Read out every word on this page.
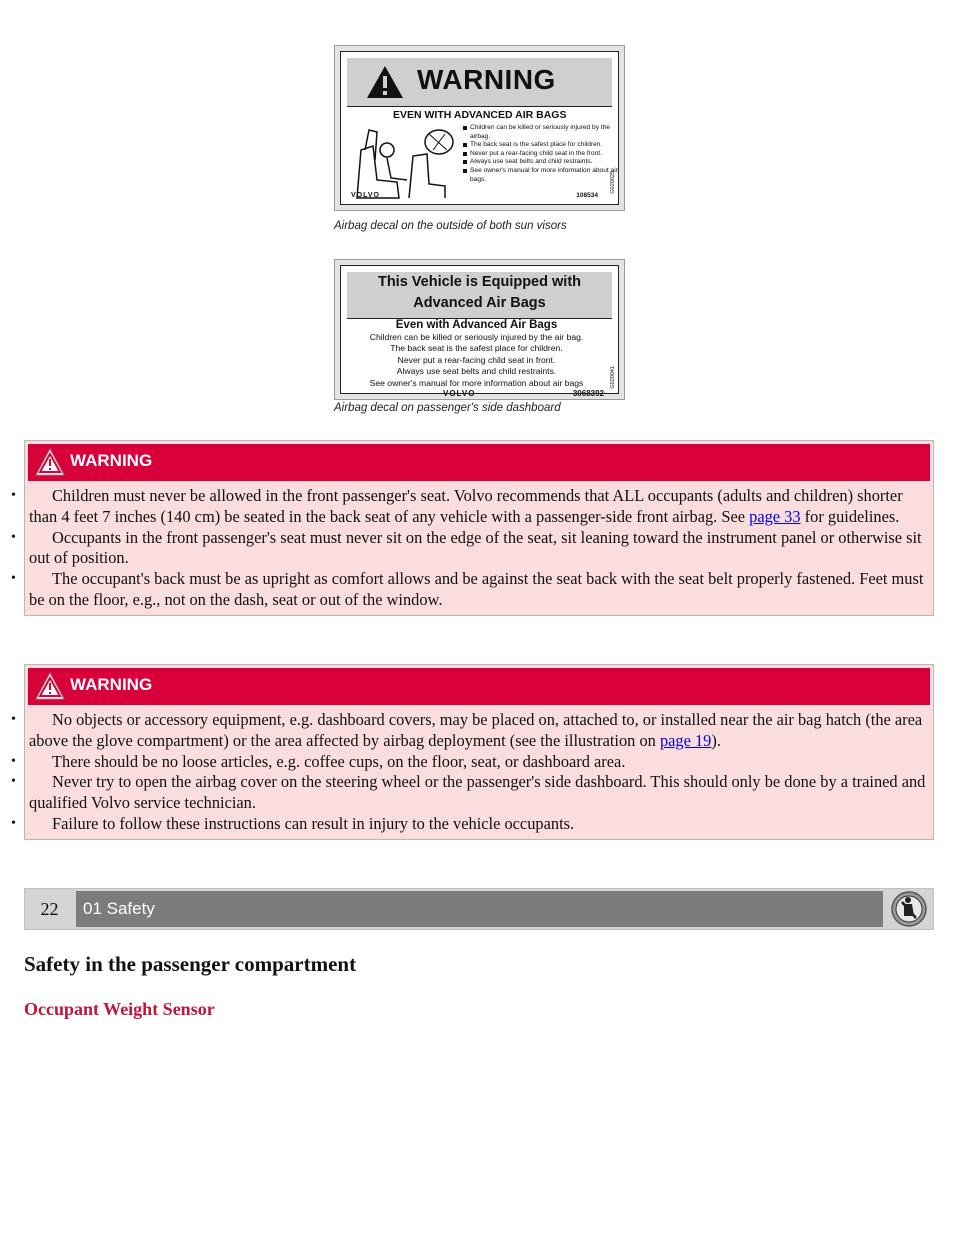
WARNING
EVEN WITH ADVANCED AIR BAGS
Children can be killed or seriously injured by the airbag.
The back seat is the safest place for children.
Never put a rear-facing child seat in the front.
Always use seat belts and child restraints.
See owner's manual for more information about air bags.
VOLVO	108534
G020025
Airbag decal on the outside of both sun visors
This Vehicle is Equipped with
Advanced Air Bags
Even with Advanced Air Bags
Children can be killed or seriously injured by the air bag.
The back seat is the safest place for children.
Never put a rear-facing child seat in front.
Always use seat belts and child restraints.
See owner's manual for more information about air bags
VOLVO	3068392
G020041
Airbag decal on passenger's side dashboard
WARNING
• Children must never be allowed in the front passenger's seat. Volvo recommends that ALL occupants (adults and children) shorter than 4 feet 7 inches (140 cm) be seated in the back seat of any vehicle with a passenger-side front airbag. See page 33 for guidelines.
• Occupants in the front passenger's seat must never sit on the edge of the seat, sit leaning toward the instrument panel or otherwise sit out of position.
• The occupant's back must be as upright as comfort allows and be against the seat back with the seat belt properly fastened. Feet must be on the floor, e.g., not on the dash, seat or out of the window.
WARNING
• No objects or accessory equipment, e.g. dashboard covers, may be placed on, attached to, or installed near the air bag hatch (the area above the glove compartment) or the area affected by airbag deployment (see the illustration on page 19).
• There should be no loose articles, e.g. coffee cups, on the floor, seat, or dashboard area.
• Never try to open the airbag cover on the steering wheel or the passenger's side dashboard. This should only be done by a trained and qualified Volvo service technician.
• Failure to follow these instructions can result in injury to the vehicle occupants.
22	01 Safety
Safety in the passenger compartment
Occupant Weight Sensor
